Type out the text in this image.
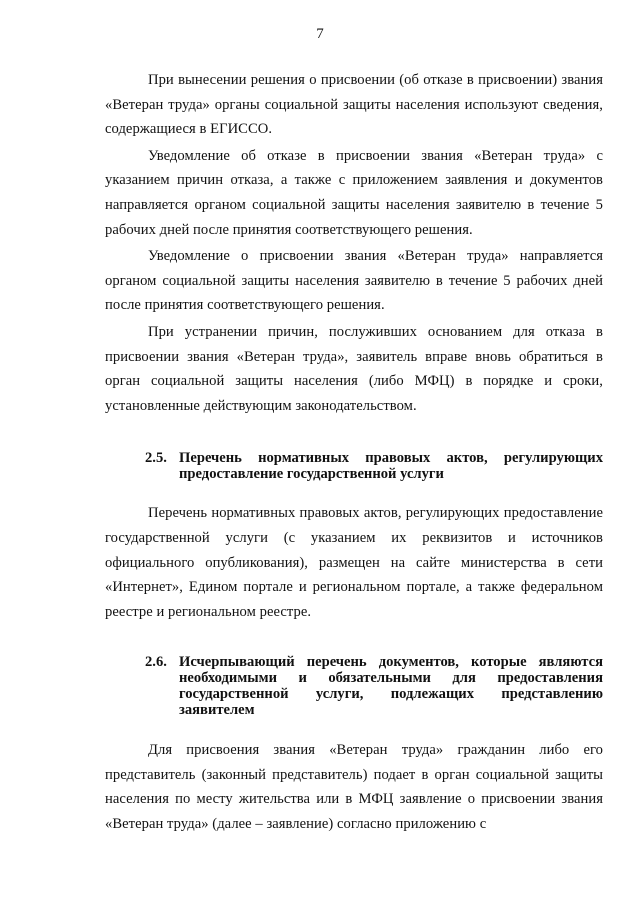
7

При вынесении решения о присвоении (об отказе в присвоении) звания «Ветеран труда» органы социальной защиты населения используют сведения, содержащиеся в ЕГИССО.

Уведомление об отказе в присвоении звания «Ветеран труда» с указанием причин отказа, а также с приложением заявления и документов направляется органом социальной защиты населения заявителю в течение 5 рабочих дней после принятия соответствующего решения.

Уведомление о присвоении звания «Ветеран труда» направляется органом социальной защиты населения заявителю в течение 5 рабочих дней после принятия соответствующего решения.

При устранении причин, послуживших основанием для отказа в присвоении звания «Ветеран труда», заявитель вправе вновь обратиться в орган социальной защиты населения (либо МФЦ) в порядке и сроки, установленные действующим законодательством.

2.5. Перечень нормативных правовых актов, регулирующих предоставление государственной услуги

Перечень нормативных правовых актов, регулирующих предоставление государственной услуги (с указанием их реквизитов и источников официального опубликования), размещен на сайте министерства в сети «Интернет», Едином портале и региональном портале, а также федеральном реестре и региональном реестре.

2.6. Исчерпывающий перечень документов, которые являются необходимыми и обязательными для предоставления государственной услуги, подлежащих представлению заявителем

Для присвоения звания «Ветеран труда» гражданин либо его представитель (законный представитель) подает в орган социальной защиты населения по месту жительства или в МФЦ заявление о присвоении звания «Ветеран труда» (далее – заявление) согласно приложению с
